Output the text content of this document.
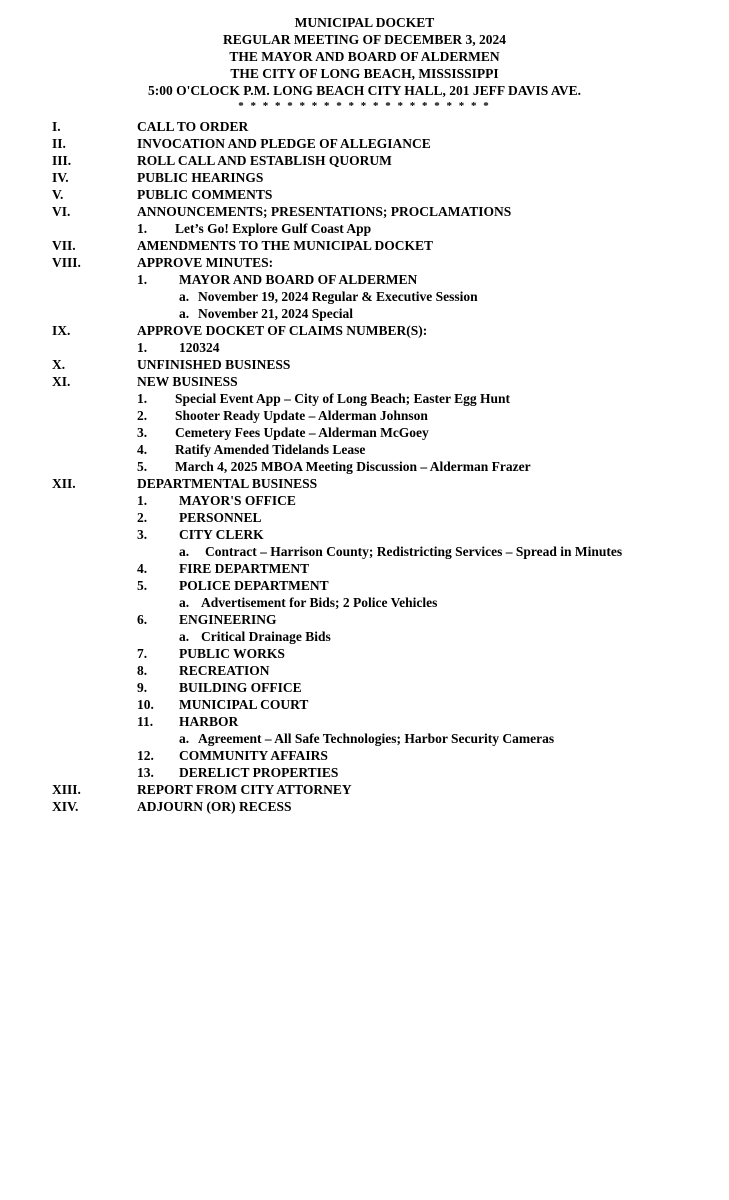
MUNICIPAL DOCKET
REGULAR MEETING OF DECEMBER 3, 2024
THE MAYOR AND BOARD OF ALDERMEN
THE CITY OF LONG BEACH, MISSISSIPPI
5:00 O'CLOCK P.M. LONG BEACH CITY HALL, 201 JEFF DAVIS AVE.
* * * * * * * * * * * * * * * * * * * * *
I.	CALL TO ORDER
II.	INVOCATION AND PLEDGE OF ALLEGIANCE
III.	ROLL CALL AND ESTABLISH QUORUM
IV.	PUBLIC HEARINGS
V.	PUBLIC COMMENTS
VI.	ANNOUNCEMENTS; PRESENTATIONS; PROCLAMATIONS
1. Let’s Go! Explore Gulf Coast App
VII.	AMENDMENTS TO THE MUNICIPAL DOCKET
VIII.	APPROVE MINUTES:
1. MAYOR AND BOARD OF ALDERMEN
a. November 19, 2024 Regular & Executive Session
a. November 21, 2024 Special
IX.	APPROVE DOCKET OF CLAIMS NUMBER(S):
1. 120324
X.	UNFINISHED BUSINESS
XI.	NEW BUSINESS
1. Special Event App – City of Long Beach; Easter Egg Hunt
2. Shooter Ready Update – Alderman Johnson
3. Cemetery Fees Update – Alderman McGoey
4. Ratify Amended Tidelands Lease
5. March 4, 2025 MBOA Meeting Discussion – Alderman Frazer
XII.	DEPARTMENTAL BUSINESS
1. MAYOR'S OFFICE
2. PERSONNEL
3. CITY CLERK
a. Contract – Harrison County; Redistricting Services – Spread in Minutes
4. FIRE DEPARTMENT
5. POLICE DEPARTMENT
a. Advertisement for Bids; 2 Police Vehicles
6. ENGINEERING
a. Critical Drainage Bids
7. PUBLIC WORKS
8. RECREATION
9. BUILDING OFFICE
10. MUNICIPAL COURT
11. HARBOR
a. Agreement – All Safe Technologies; Harbor Security Cameras
12. COMMUNITY AFFAIRS
13. DERELICT PROPERTIES
XIII.	REPORT FROM CITY ATTORNEY
XIV.	ADJOURN (OR) RECESS
